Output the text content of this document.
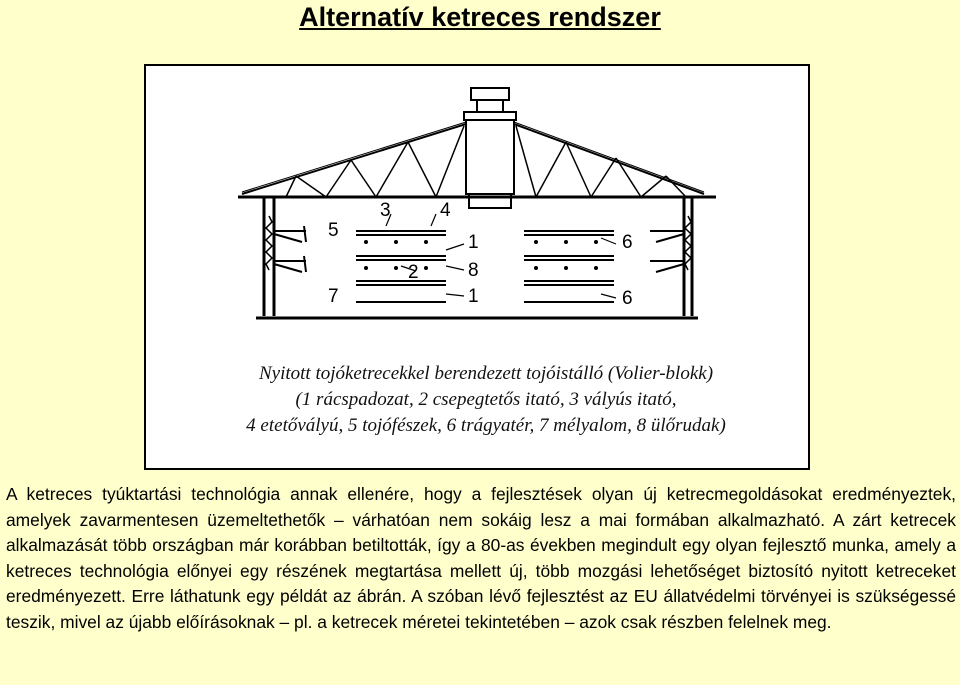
Alternatív ketreces rendszer
3	4
5
1
2	8
1
7
6
6
Nyitott tojóketrecekkel berendezett tojóistálló (Volier-blokk)
(1 rácspadozat, 2 csepegtetős itató, 3 vályús itató,
4 etetővályú, 5 tojófészek, 6 trágyatér, 7 mélyalom, 8 ülőrudak)
A ketreces tyúktartási technológia annak ellenére, hogy a fejlesztések olyan új ketrecmegoldásokat eredményeztek, amelyek zavarmentesen üzemeltethetők – várhatóan nem sokáig lesz a mai formában alkalmazható. A zárt ketrecek alkalmazását több országban már korábban betiltották, így a 80-as években megindult egy olyan fejlesztő munka, amely a ketreces technológia előnyei egy részének megtartása mellett új, több mozgási lehetőséget biztosító nyitott ketreceket eredményezett. Erre láthatunk egy példát az ábrán. A szóban lévő fejlesztést az EU állatvédelmi törvényei is szükségessé teszik, mivel az újabb előírásoknak – pl. a ketrecek méretei tekintetében – azok csak részben felelnek meg.
